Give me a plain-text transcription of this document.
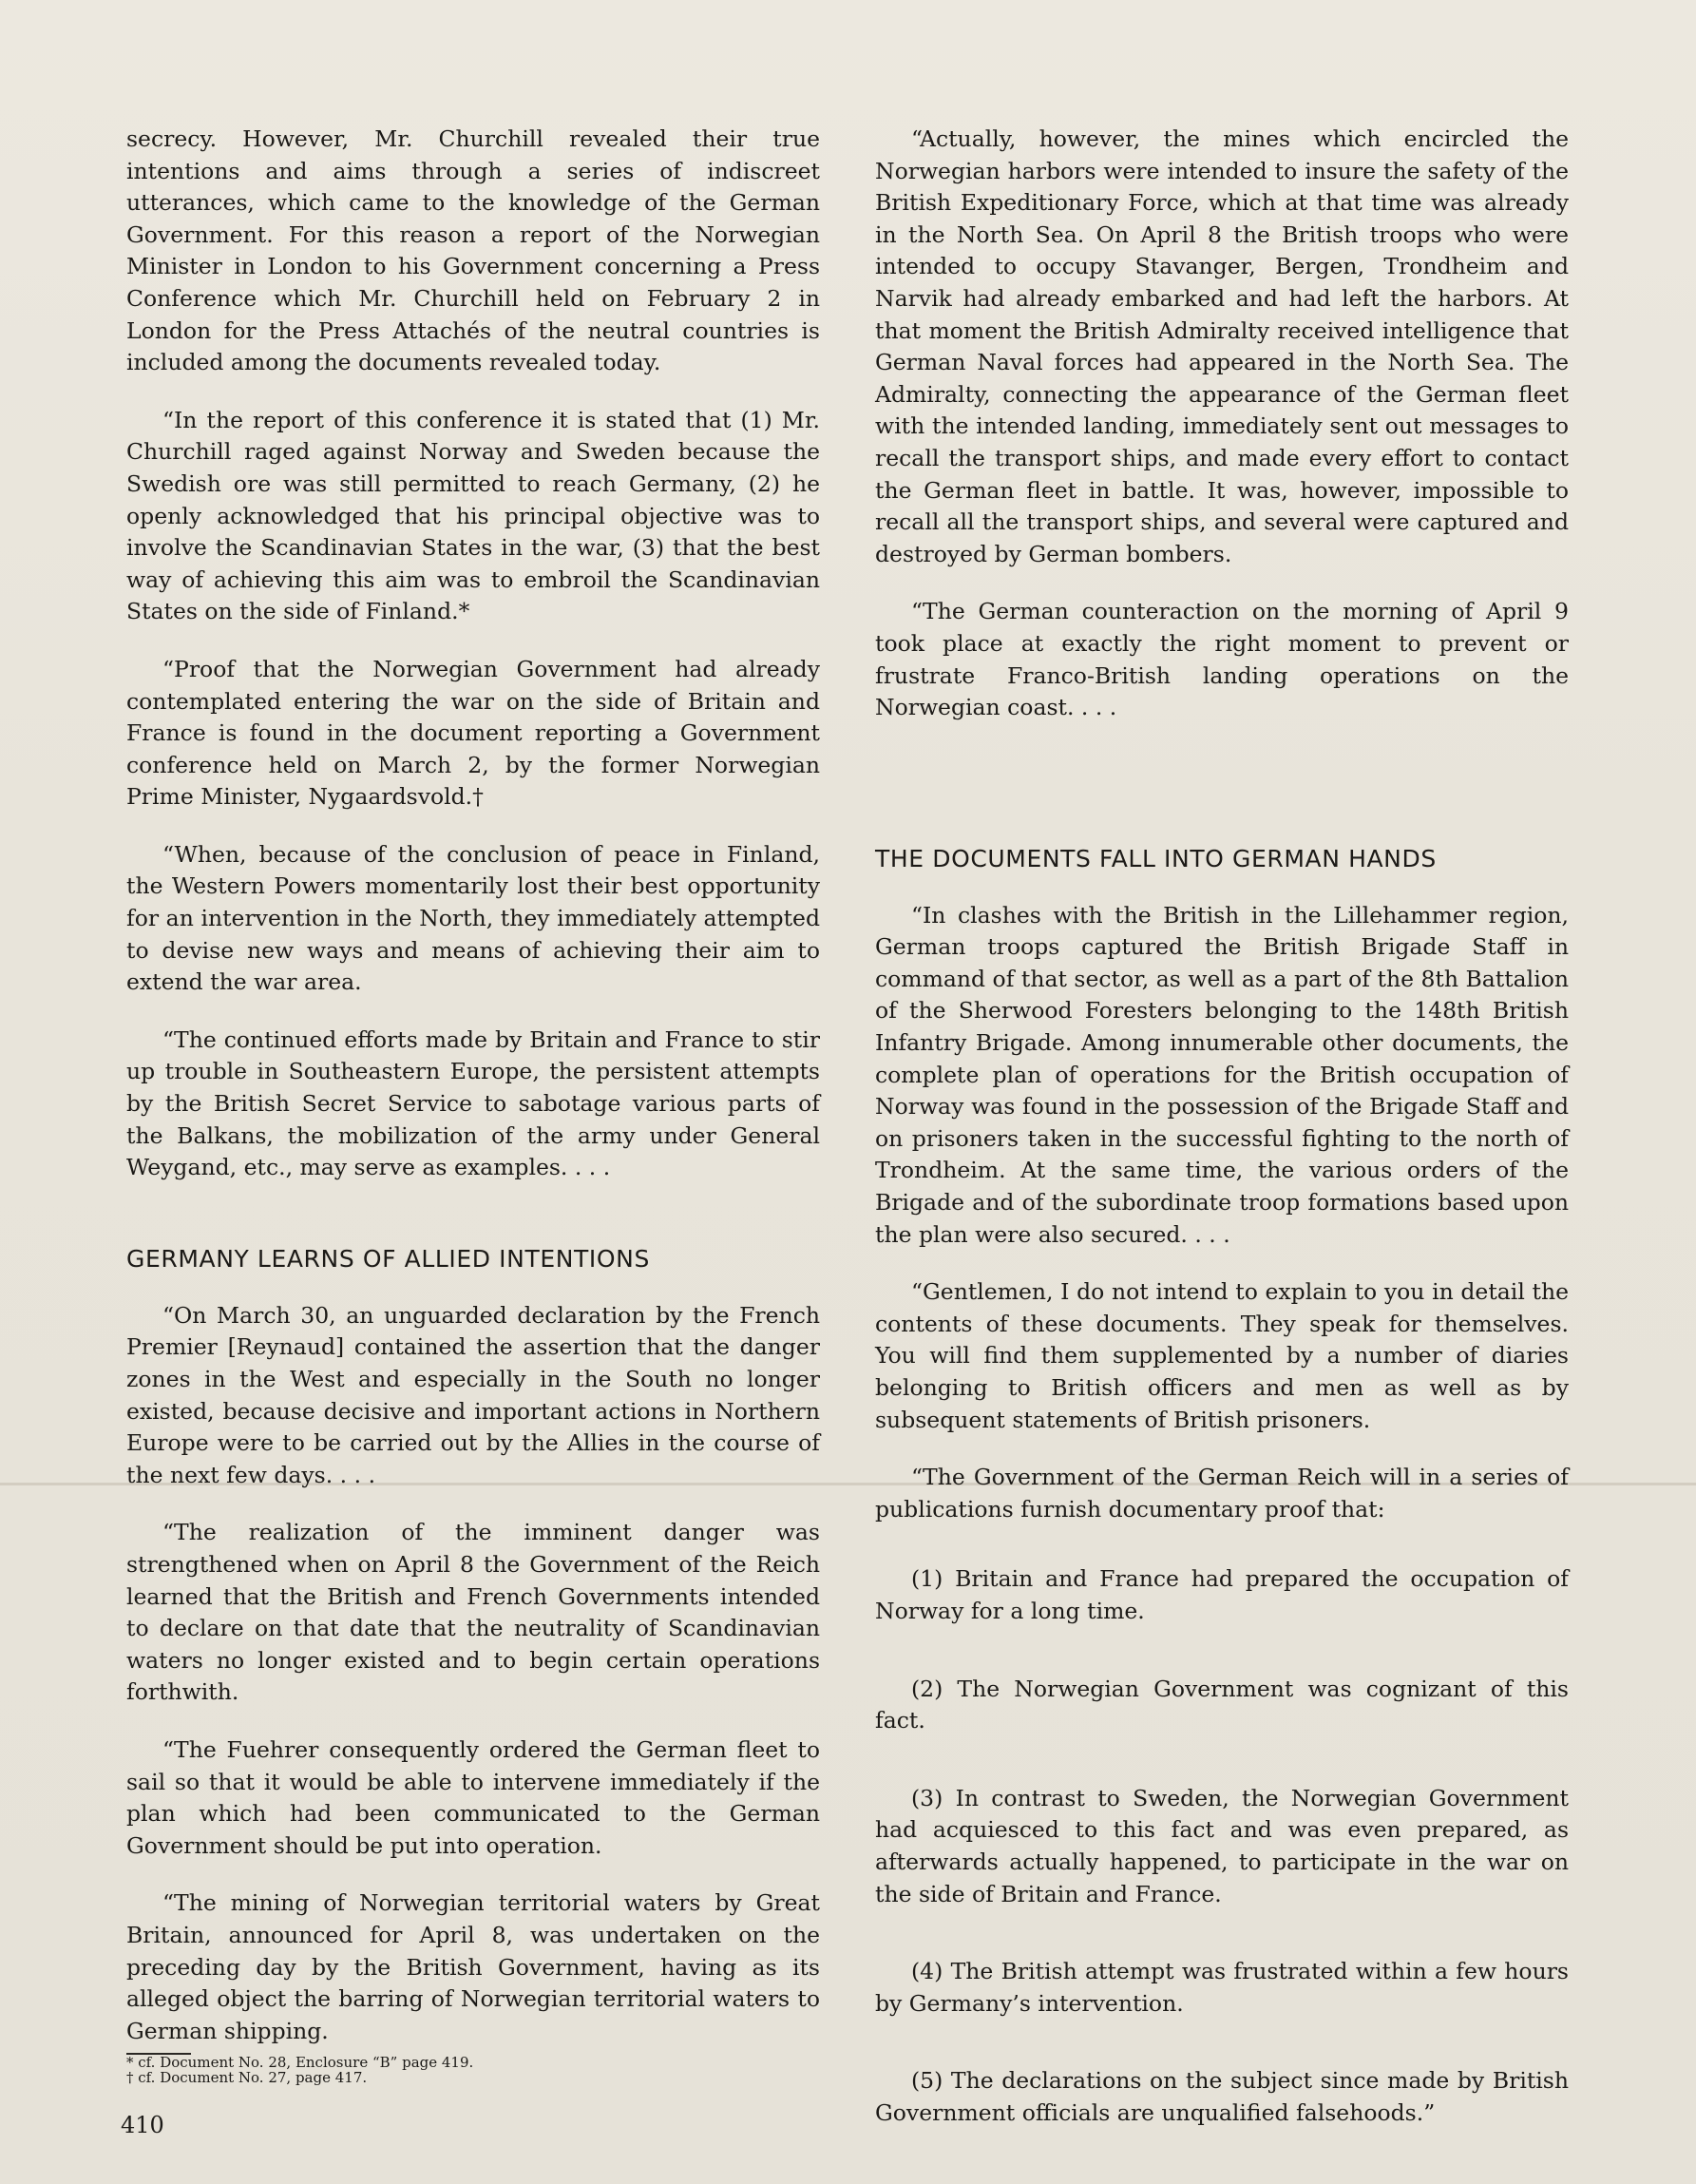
secrecy. However, Mr. Churchill revealed their true intentions and aims through a series of indiscreet utterances, which came to the knowledge of the German Government. For this reason a report of the Norwegian Minister in London to his Government concerning a Press Conference which Mr. Churchill held on February 2 in London for the Press Attachés of the neutral countries is included among the documents revealed today.

“In the report of this conference it is stated that (1) Mr. Churchill raged against Norway and Sweden because the Swedish ore was still permitted to reach Germany, (2) he openly acknowledged that his principal objective was to involve the Scandinavian States in the war, (3) that the best way of achieving this aim was to embroil the Scandinavian States on the side of Finland.*

“Proof that the Norwegian Government had already contemplated entering the war on the side of Britain and France is found in the document reporting a Government conference held on March 2, by the former Norwegian Prime Minister, Nygaardsvold.†

“When, because of the conclusion of peace in Finland, the Western Powers momentarily lost their best opportunity for an intervention in the North, they immediately attempted to devise new ways and means of achieving their aim to extend the war area.

“The continued efforts made by Britain and France to stir up trouble in Southeastern Europe, the persistent attempts by the British Secret Service to sabotage various parts of the Balkans, the mobilization of the army under General Weygand, etc., may serve as examples. . . .

GERMANY LEARNS OF ALLIED INTENTIONS

“On March 30, an unguarded declaration by the French Premier [Reynaud] contained the assertion that the danger zones in the West and especially in the South no longer existed, because decisive and important actions in Northern Europe were to be carried out by the Allies in the course of the next few days. . . .

“The realization of the imminent danger was strengthened when on April 8 the Government of the Reich learned that the British and French Governments intended to declare on that date that the neutrality of Scandinavian waters no longer existed and to begin certain operations forthwith.

“The Fuehrer consequently ordered the German fleet to sail so that it would be able to intervene immediately if the plan which had been communicated to the German Government should be put into operation.

“The mining of Norwegian territorial waters by Great Britain, announced for April 8, was undertaken on the preceding day by the British Government, having as its alleged object the barring of Norwegian territorial waters to German shipping.

“Actually, however, the mines which encircled the Norwegian harbors were intended to insure the safety of the British Expeditionary Force, which at that time was already in the North Sea. On April 8 the British troops who were intended to occupy Stavanger, Bergen, Trondheim and Narvik had already embarked and had left the harbors. At that moment the British Admiralty received intelligence that German Naval forces had appeared in the North Sea. The Admiralty, connecting the appearance of the German fleet with the intended landing, immediately sent out messages to recall the transport ships, and made every effort to contact the German fleet in battle. It was, however, impossible to recall all the transport ships, and several were captured and destroyed by German bombers.

“The German counteraction on the morning of April 9 took place at exactly the right moment to prevent or frustrate Franco-British landing operations on the Norwegian coast. . . .

THE DOCUMENTS FALL INTO GERMAN HANDS

“In clashes with the British in the Lillehammer region, German troops captured the British Brigade Staff in command of that sector, as well as a part of the 8th Battalion of the Sherwood Foresters belonging to the 148th British Infantry Brigade. Among innumerable other documents, the complete plan of operations for the British occupation of Norway was found in the possession of the Brigade Staff and on prisoners taken in the successful fighting to the north of Trondheim. At the same time, the various orders of the Brigade and of the subordinate troop formations based upon the plan were also secured. . . .

“Gentlemen, I do not intend to explain to you in detail the contents of these documents. They speak for themselves. You will find them supplemented by a number of diaries belonging to British officers and men as well as by subsequent statements of British prisoners.

“The Government of the German Reich will in a series of publications furnish documentary proof that:

(1) Britain and France had prepared the occupation of Norway for a long time.

(2) The Norwegian Government was cognizant of this fact.

(3) In contrast to Sweden, the Norwegian Government had acquiesced to this fact and was even prepared, as afterwards actually happened, to participate in the war on the side of Britain and France.

(4) The British attempt was frustrated within a few hours by Germany’s intervention.

(5) The declarations on the subject since made by British Government officials are unqualified falsehoods.”

* cf. Document No. 28, Enclosure “B” page 419.
† cf. Document No. 27, page 417.
410
